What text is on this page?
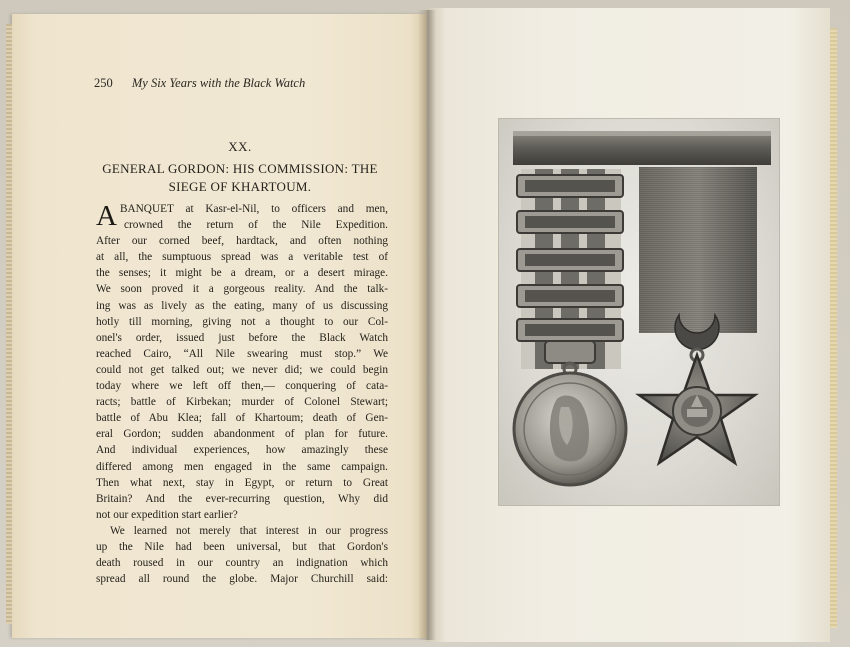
250 My Six Years with the Black Watch
XX.
GENERAL GORDON: HIS COMMISSION: THE
SIEGE OF KHARTOUM.
A BANQUET at Kasr-el-Nil, to officers and men,
crowned the return of the Nile Expedition.
After our corned beef, hardtack, and often nothing
at all, the sumptuous spread was a veritable test of
the senses; it might be a dream, or a desert mirage.
We soon proved it a gorgeous reality. And the talk-
ing was as lively as the eating, many of us discussing
hotly till morning, giving not a thought to our Col-
onel's order, issued just before the Black Watch
reached Cairo, “All Nile swearing must stop.” We
could not get talked out; we never did; we could begin
today where we left off then,— conquering of cata-
racts; battle of Kirbekan; murder of Colonel Stewart;
battle of Abu Klea; fall of Khartoum; death of Gen-
eral Gordon; sudden abandonment of plan for future.
And individual experiences, how amazingly these
differed among men engaged in the same campaign.
Then what next, stay in Egypt, or return to Great
Britain? And the ever-recurring question, Why did
not our expedition start earlier?
We learned not merely that interest in our progress
up the Nile had been universal, but that Gordon's
death roused in our country an indignation which
spread all round the globe. Major Churchill said:
